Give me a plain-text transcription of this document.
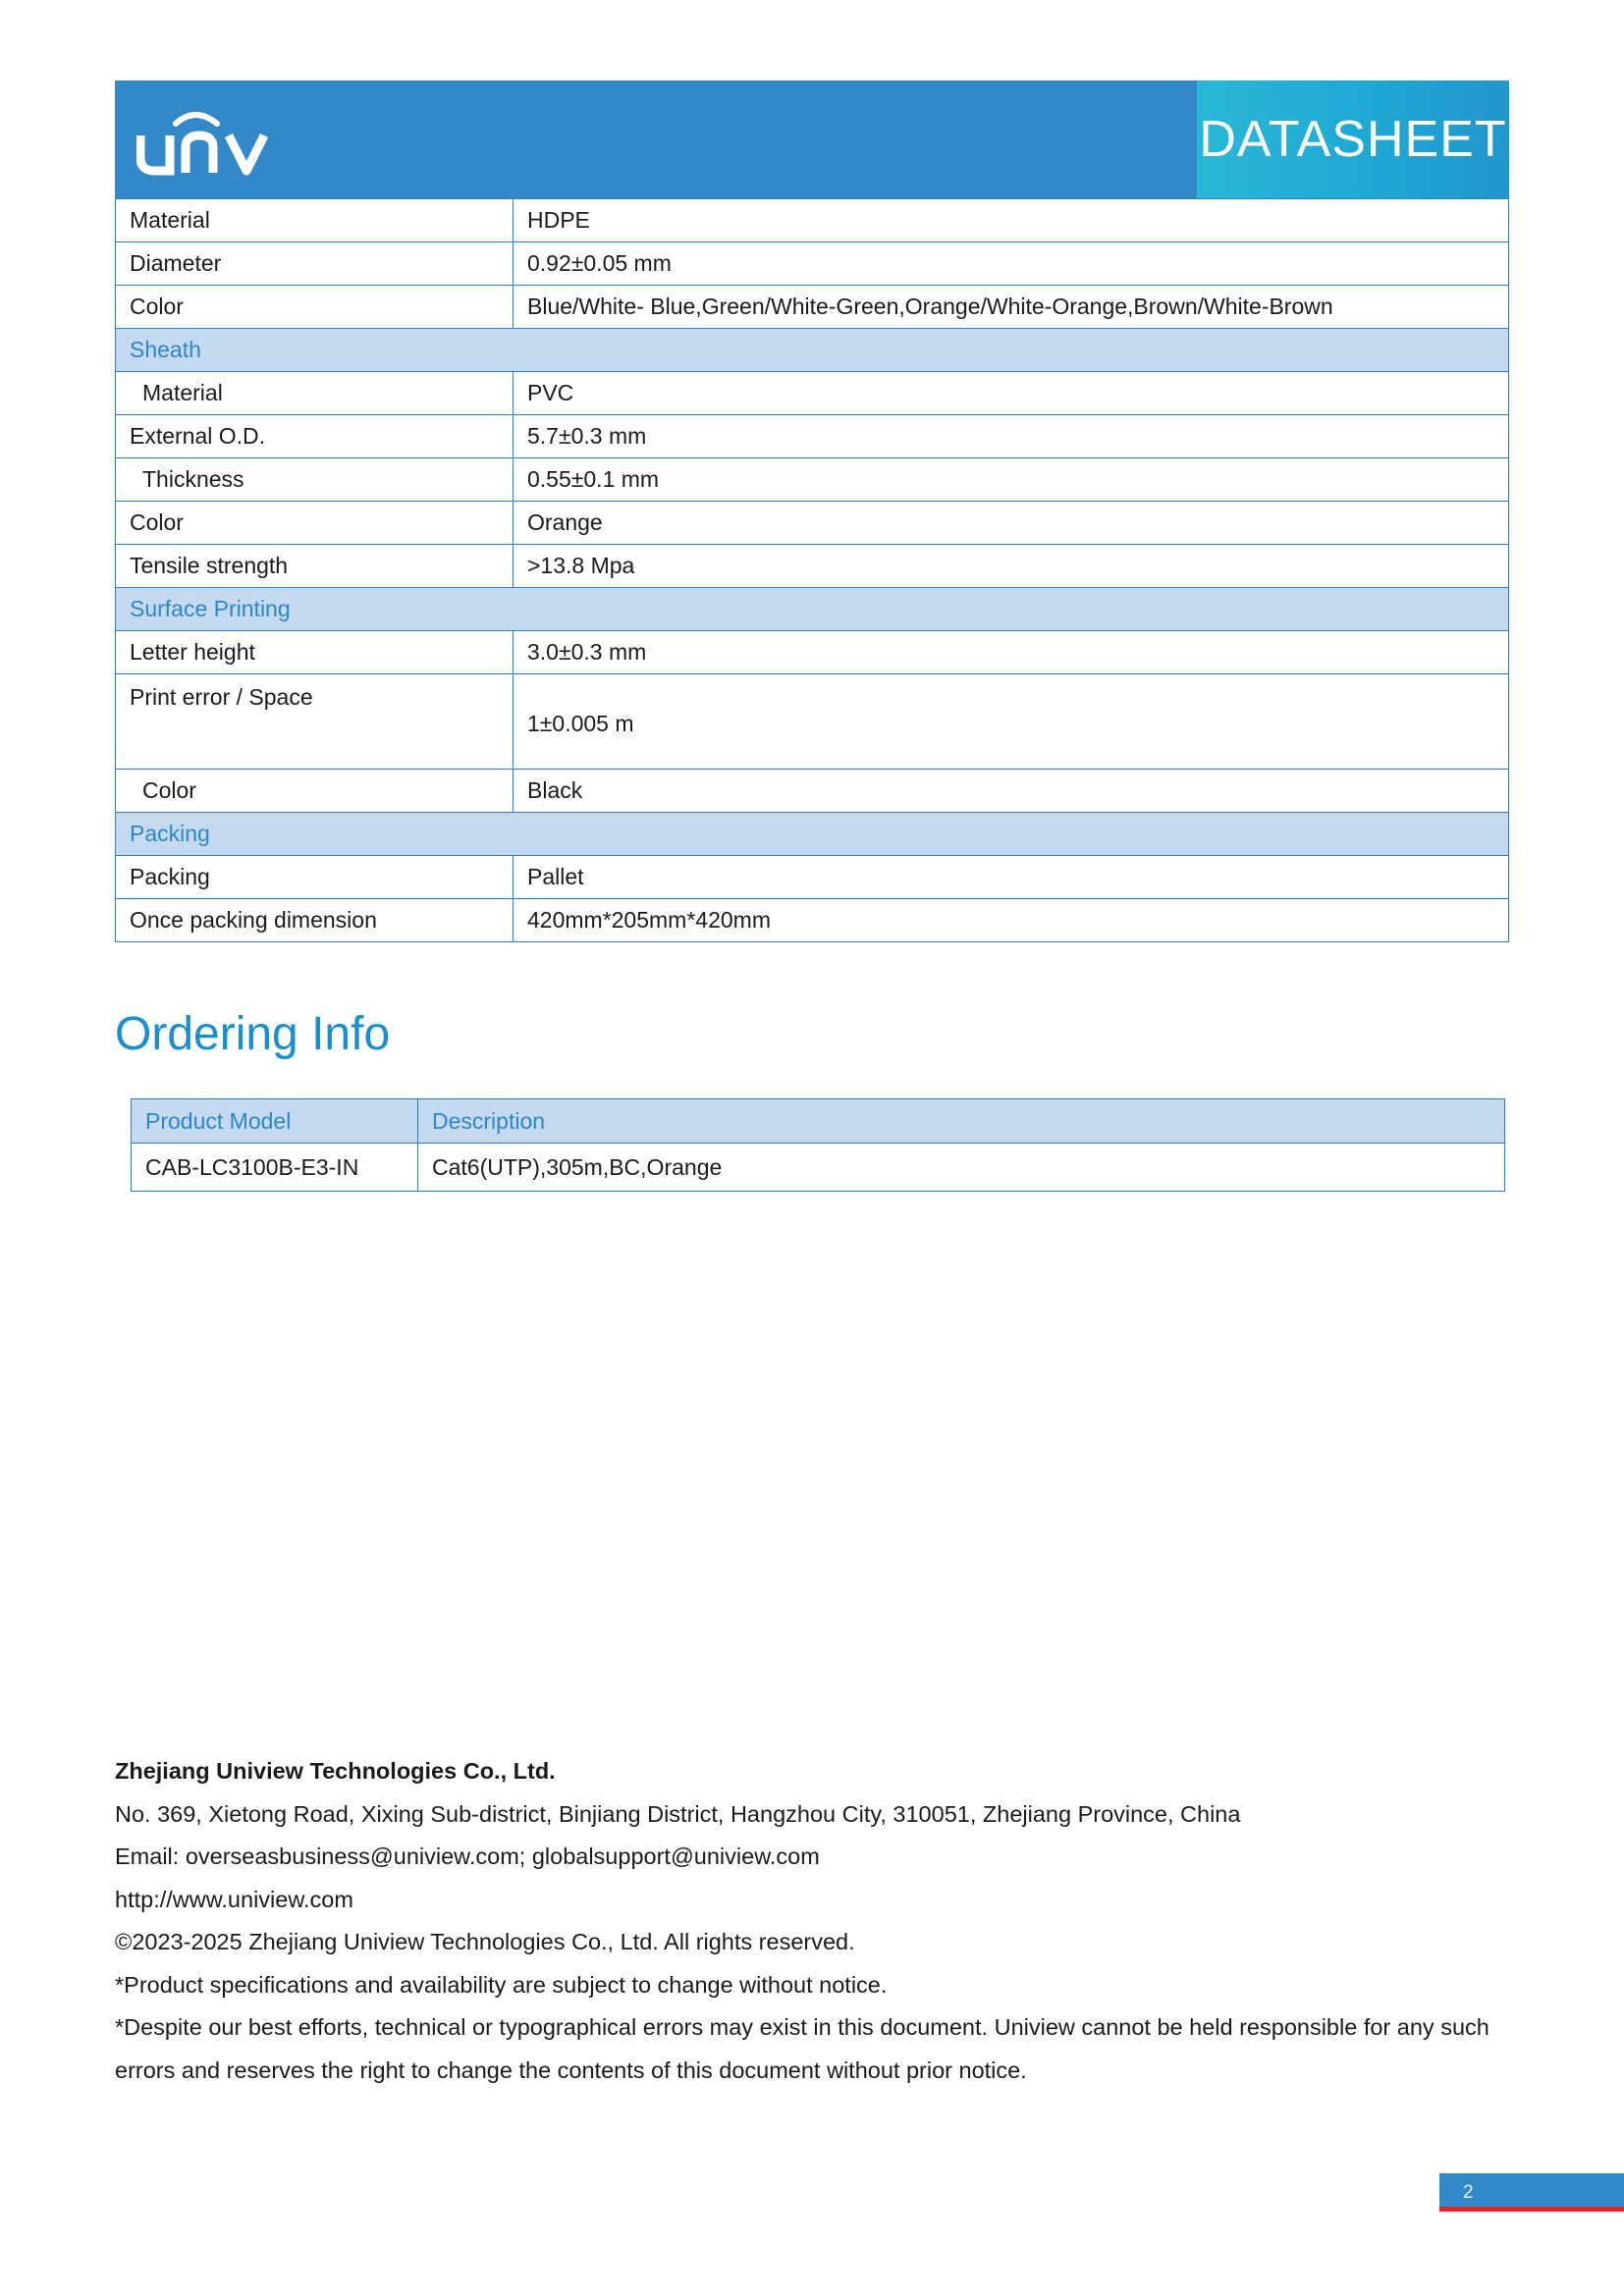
DATASHEET
Material	HDPE
Diameter	0.92±0.05 mm
Color	Blue/White- Blue,Green/White-Green,Orange/White-Orange,Brown/White-Brown
Sheath	
Material	PVC
External O.D.	5.7±0.3 mm
Thickness	0.55±0.1 mm
Color	Orange
Tensile strength	>13.8 Mpa
Surface Printing	
Letter height	3.0±0.3 mm
Print error / Space	1±0.005 m
Color	Black
Packing	
Packing	Pallet
Once packing dimension	420mm*205mm*420mm
Ordering Info
Product Model	Description
CAB-LC3100B-E3-IN	Cat6(UTP),305m,BC,Orange
Zhejiang Uniview Technologies Co., Ltd.
No. 369, Xietong Road, Xixing Sub-district, Binjiang District, Hangzhou City, 310051, Zhejiang Province, China
Email: overseasbusiness@uniview.com; globalsupport@uniview.com
http://www.uniview.com
©2023-2025 Zhejiang Uniview Technologies Co., Ltd. All rights reserved.
*Product specifications and availability are subject to change without notice.
*Despite our best efforts, technical or typographical errors may exist in this document. Uniview cannot be held responsible for any such errors and reserves the right to change the contents of this document without prior notice.
2
